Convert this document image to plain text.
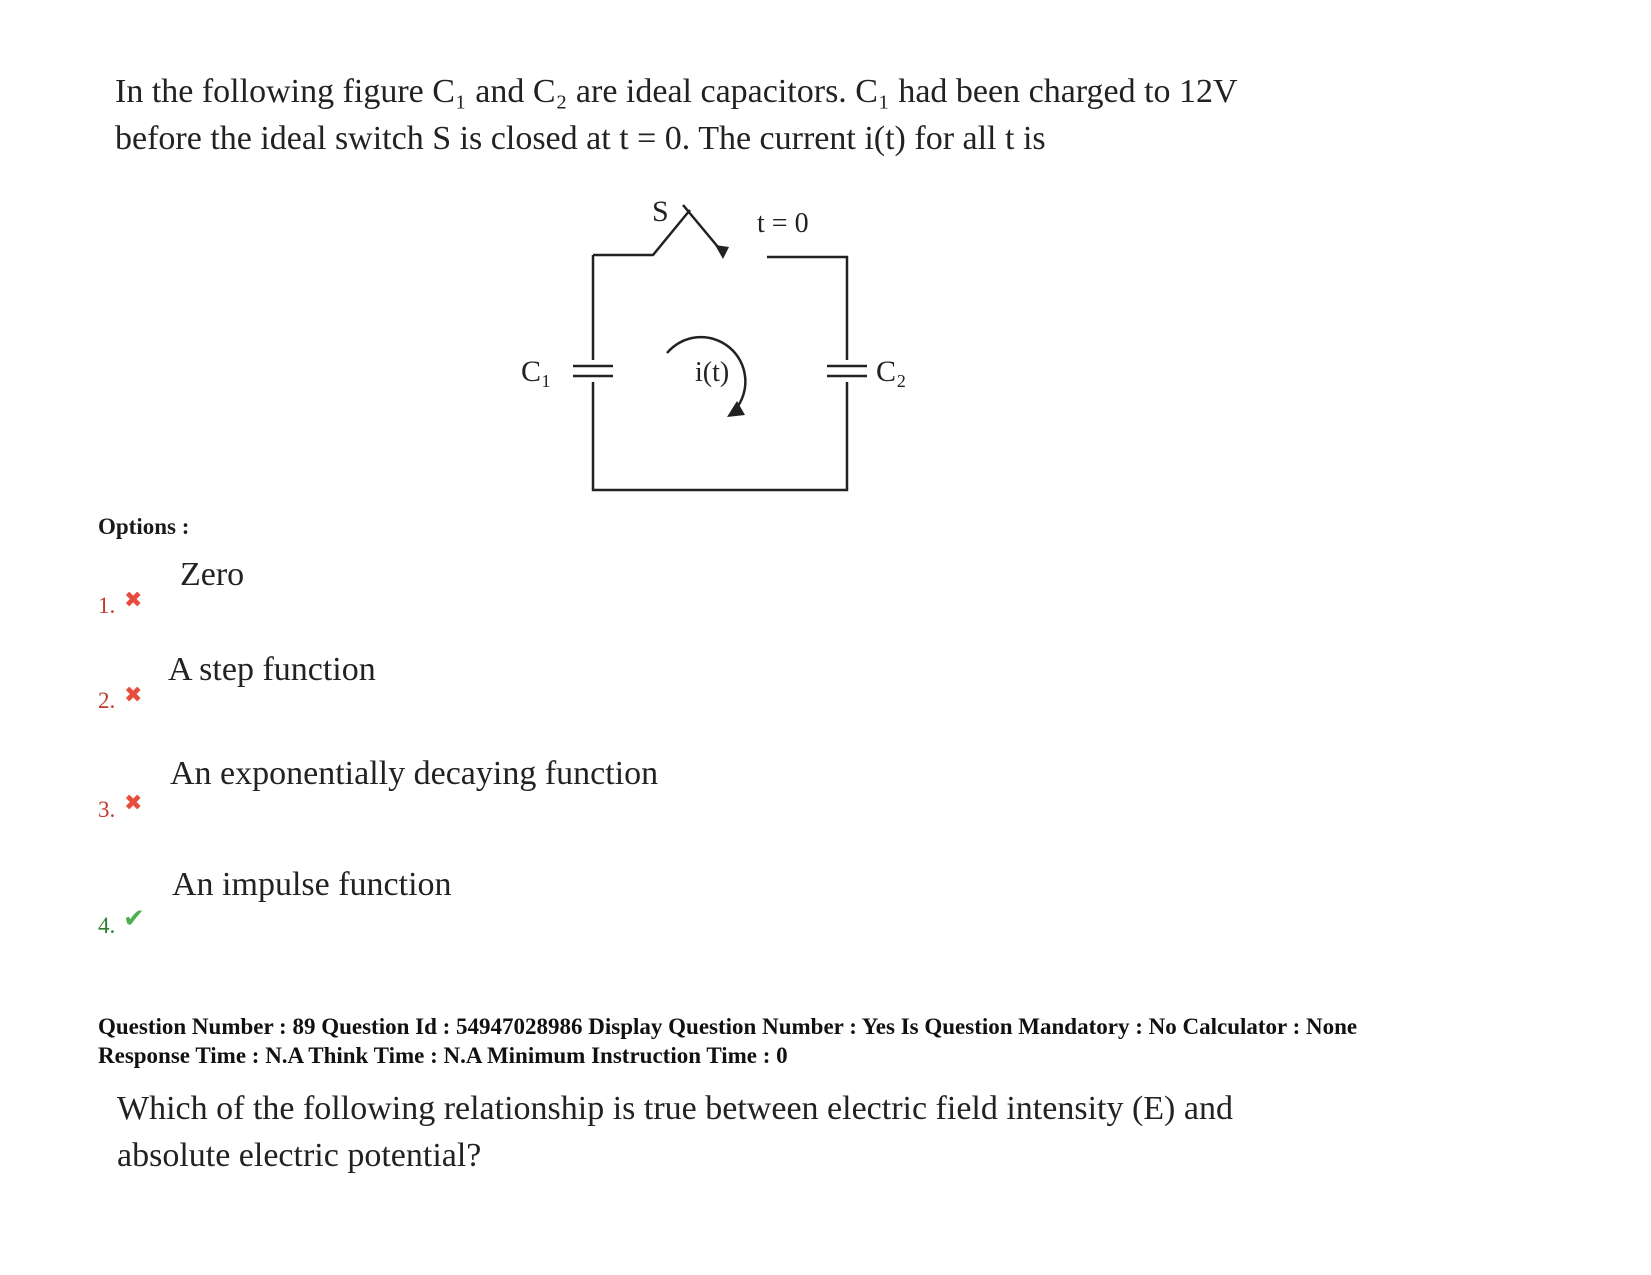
In the following figure C₁ and C₂ are ideal capacitors. C₁ had been charged to 12V
before the ideal switch S is closed at t = 0. The current i(t) for all t is
S	t = 0
C₁	C₂
i(t)
Options :
Zero
1. ✖
A step function
2. ✖
An exponentially decaying function
3. ✖
An impulse function
4. ✔
Question Number : 89 Question Id : 54947028986 Display Question Number : Yes Is Question Mandatory : No Calculator : None
Response Time : N.A Think Time : N.A Minimum Instruction Time : 0
Which of the following relationship is true between electric field intensity (E) and
absolute electric potential?
